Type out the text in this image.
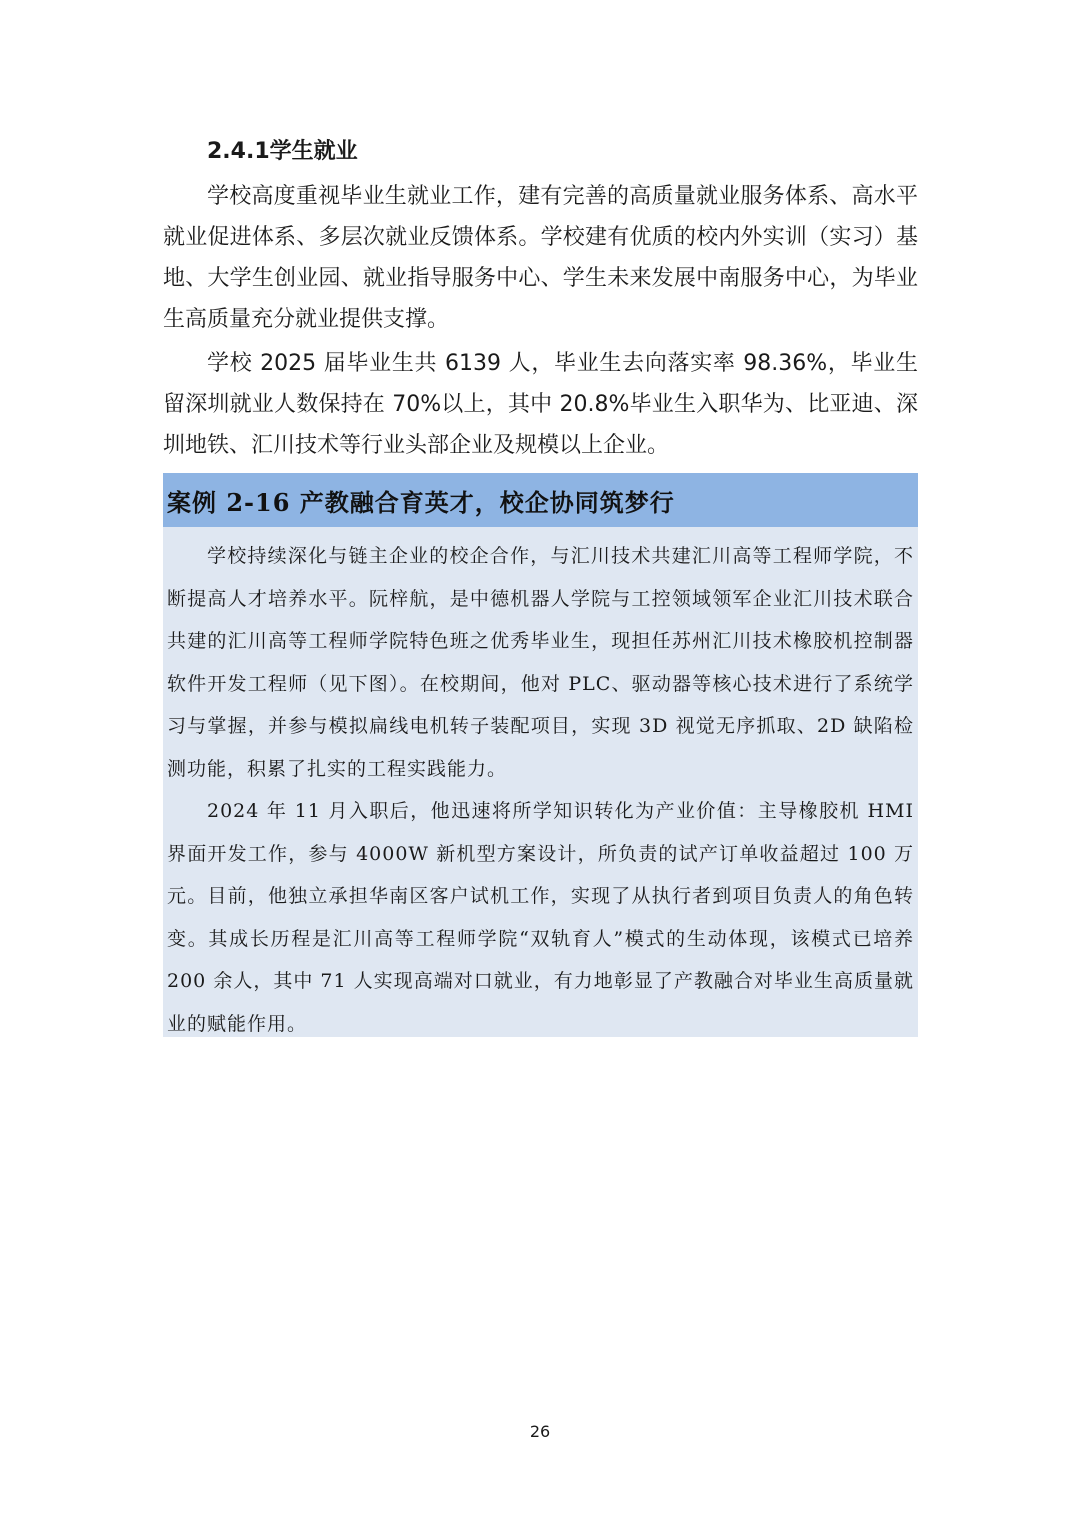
2.4.1学生就业

学校高度重视毕业生就业工作，建有完善的高质量就业服务体系、高水平就业促进体系、多层次就业反馈体系。学校建有优质的校内外实训（实习）基地、大学生创业园、就业指导服务中心、学生未来发展中南服务中心，为毕业生高质量充分就业提供支撑。

学校 2025 届毕业生共 6139 人，毕业生去向落实率 98.36%，毕业生留深圳就业人数保持在 70%以上，其中 20.8%毕业生入职华为、比亚迪、深圳地铁、汇川技术等行业头部企业及规模以上企业。

案例 2-16 产教融合育英才，校企协同筑梦行

学校持续深化与链主企业的校企合作，与汇川技术共建汇川高等工程师学院，不断提高人才培养水平。阮梓航，是中德机器人学院与工控领域领军企业汇川技术联合共建的汇川高等工程师学院特色班之优秀毕业生，现担任苏州汇川技术橡胶机控制器软件开发工程师（见下图）。在校期间，他对 PLC、驱动器等核心技术进行了系统学习与掌握，并参与模拟扁线电机转子装配项目，实现 3D 视觉无序抓取、2D 缺陷检测功能，积累了扎实的工程实践能力。

2024 年 11 月入职后，他迅速将所学知识转化为产业价值：主导橡胶机 HMI 界面开发工作，参与 4000W 新机型方案设计，所负责的试产订单收益超过 100 万元。目前，他独立承担华南区客户试机工作，实现了从执行者到项目负责人的角色转变。其成长历程是汇川高等工程师学院“双轨育人”模式的生动体现，该模式已培养 200 余人，其中 71 人实现高端对口就业，有力地彰显了产教融合对毕业生高质量就业的赋能作用。

26
